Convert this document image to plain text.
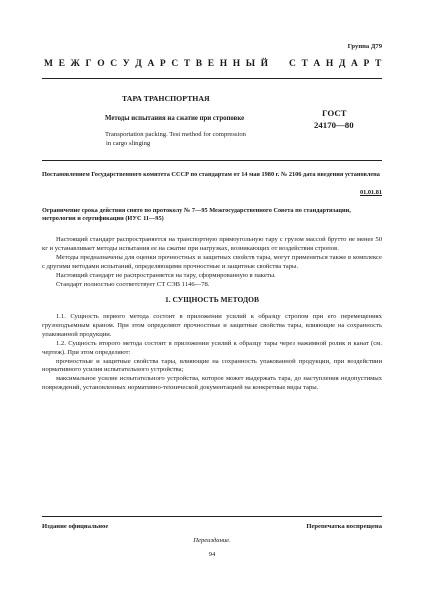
Группа Д79
М Е Ж Г О С У Д А Р С Т В Е Н Н Ы Й С Т А Н Д А Р Т
ТАРА ТРАНСПОРТНАЯ
Методы испытания на сжатие при строповке
Transportation packing. Test method for compression
in cargo slinging
ГОСТ
24170—80
Постановлением Государственного комитета СССР по стандартам от 14 мая 1980 г. № 2106 дата введения установлена
01.01.81
Ограничение срока действия снято по протоколу № 7—95 Межгосударственного Совета по стандартизации, метрологии и сертификации (ИУС 11—95)

Настоящий стандарт распространяется на транспортную прямоугольную тару с грузом массой брутто не менее 50 кг и устанавливает методы испытания ее на сжатие при нагрузках, возникающих от воздействия стропов.

Методы предназначены для оценки прочностных и защитных свойств тары, могут применяться также в комплексе с другими методами испытаний, определяющими прочностные и защитные свойства тары.

Настоящий стандарт не распространяется на тару, сформированную в пакеты.

Стандарт полностью соответствует СТ СЭВ 1146—78.

1. СУЩНОСТЬ МЕТОДОВ

1.1. Сущность первого метода состоит в приложении усилий к образцу стропом при его перемещениях грузоподъемным краном. При этом определяют прочностные и защитные свойства тары, влияющие на сохранность упакованной продукции.

1.2. Сущность второго метода состоит в приложении усилий к образцу тары через нажимной ролик и канат (см. чертеж). При этом определяют:

прочностные и защитные свойства тары, влияющие на сохранность упакованной продукции, при воздействии нормативного усилия испытательного устройства;

максимальное усилие испытательного устройства, которое может выдержать тара, до наступления недопустимых повреждений, установленных нормативно-технической документацией на конкретные виды тары.

Издание официальное	Перепечатка воспрещена
Переиздание.
94
